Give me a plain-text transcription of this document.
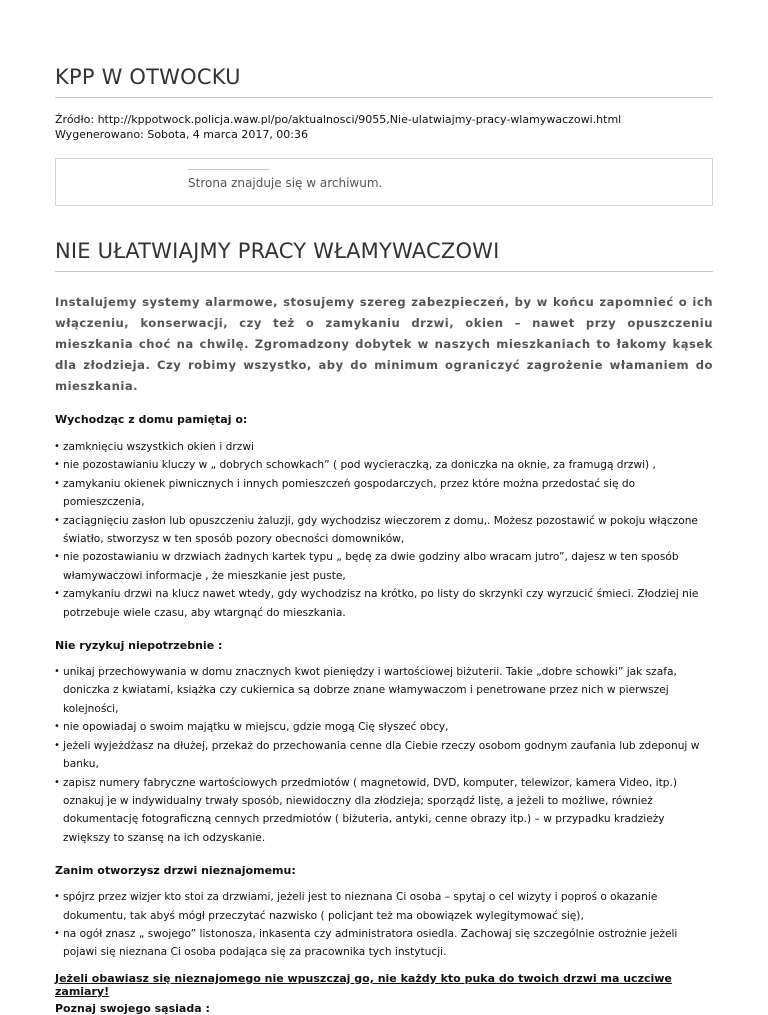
KPP W OTWOCKU
Źródło: http://kppotwock.policja.waw.pl/po/aktualnosci/9055,Nie-ulatwiajmy-pracy-wlamywaczowi.html
Wygenerowano: Sobota, 4 marca 2017, 00:36
Strona znajduje się w archiwum.
NIE UŁATWIAJMY PRACY WŁAMYWACZOWI
Instalujemy systemy alarmowe, stosujemy szereg zabezpieczeń, by w końcu zapomnieć o ich włączeniu, konserwacji, czy też o zamykaniu drzwi, okien – nawet przy opuszczeniu mieszkania choć na chwilę. Zgromadzony dobytek w naszych mieszkaniach to łakomy kąsek dla złodzieja. Czy robimy wszystko, aby do minimum ograniczyć zagrożenie włamaniem do mieszkania.
Wychodząc z domu pamiętaj o:
• zamknięciu wszystkich okien i drzwi
• nie pozostawianiu kluczy w „ dobrych schowkach” ( pod wycieraczką, za doniczka na oknie, za framugą drzwi) ,
• zamykaniu okienek piwnicznych i innych pomieszczeń gospodarczych, przez które można przedostać się do pomieszczenia,
• zaciągnięciu zasłon lub opuszczeniu żaluzji, gdy wychodzisz wieczorem z domu,. Możesz pozostawić w pokoju włączone światło, stworzysz w ten sposób pozory obecności domowników,
• nie pozostawianiu w drzwiach żadnych kartek typu „ będę za dwie godziny albo wracam jutro”, dajesz w ten sposób włamywaczowi informacje , że mieszkanie jest puste,
• zamykaniu drzwi na klucz nawet wtedy, gdy wychodzisz na krótko, po listy do skrzynki czy wyrzucić śmieci. Złodziej nie potrzebuje wiele czasu, aby wtargnąć do mieszkania.
Nie ryzykuj niepotrzebnie :
• unikaj przechowywania w domu znacznych kwot pieniędzy i wartościowej biżuterii. Takie „dobre schowki” jak szafa, doniczka z kwiatami, książka czy cukiernica są dobrze znane włamywaczom i penetrowane przez nich w pierwszej kolejności,
• nie opowiadaj o swoim majątku w miejscu, gdzie mogą Cię słyszeć obcy,
• jeżeli wyjeżdżasz na dłużej, przekaż do przechowania cenne dla Ciebie rzeczy osobom godnym zaufania lub zdeponuj w banku,
• zapisz numery fabryczne wartościowych przedmiotów ( magnetowid, DVD, komputer, telewizor, kamera Video, itp.) oznakuj je w indywidualny trwały sposób, niewidoczny dla złodzieja; sporządź listę, a jeżeli to możliwe, również dokumentację fotograficzną cennych przedmiotów ( biżuteria, antyki, cenne obrazy itp.) – w przypadku kradzieży zwiększy to szansę na ich odzyskanie.
Zanim otworzysz drzwi nieznajomemu:
• spójrz przez wizjer kto stoi za drzwiami, jeżeli jest to nieznana Ci osoba – spytaj o cel wizyty i poproś o okazanie dokumentu, tak abyś mógł przeczytać nazwisko ( policjant też ma obowiązek wylegitymować się),
• na ogół znasz „ swojego” listonosza, inkasenta czy administratora osiedla. Zachowaj się szczególnie ostrożnie jeżeli pojawi się nieznana Ci osoba podająca się za pracownika tych instytucji.
Jeżeli obawiasz się nieznajomego nie wpuszczaj go, nie każdy kto puka do twoich drzwi ma uczciwe zamiary!
Poznaj swojego sąsiada :
